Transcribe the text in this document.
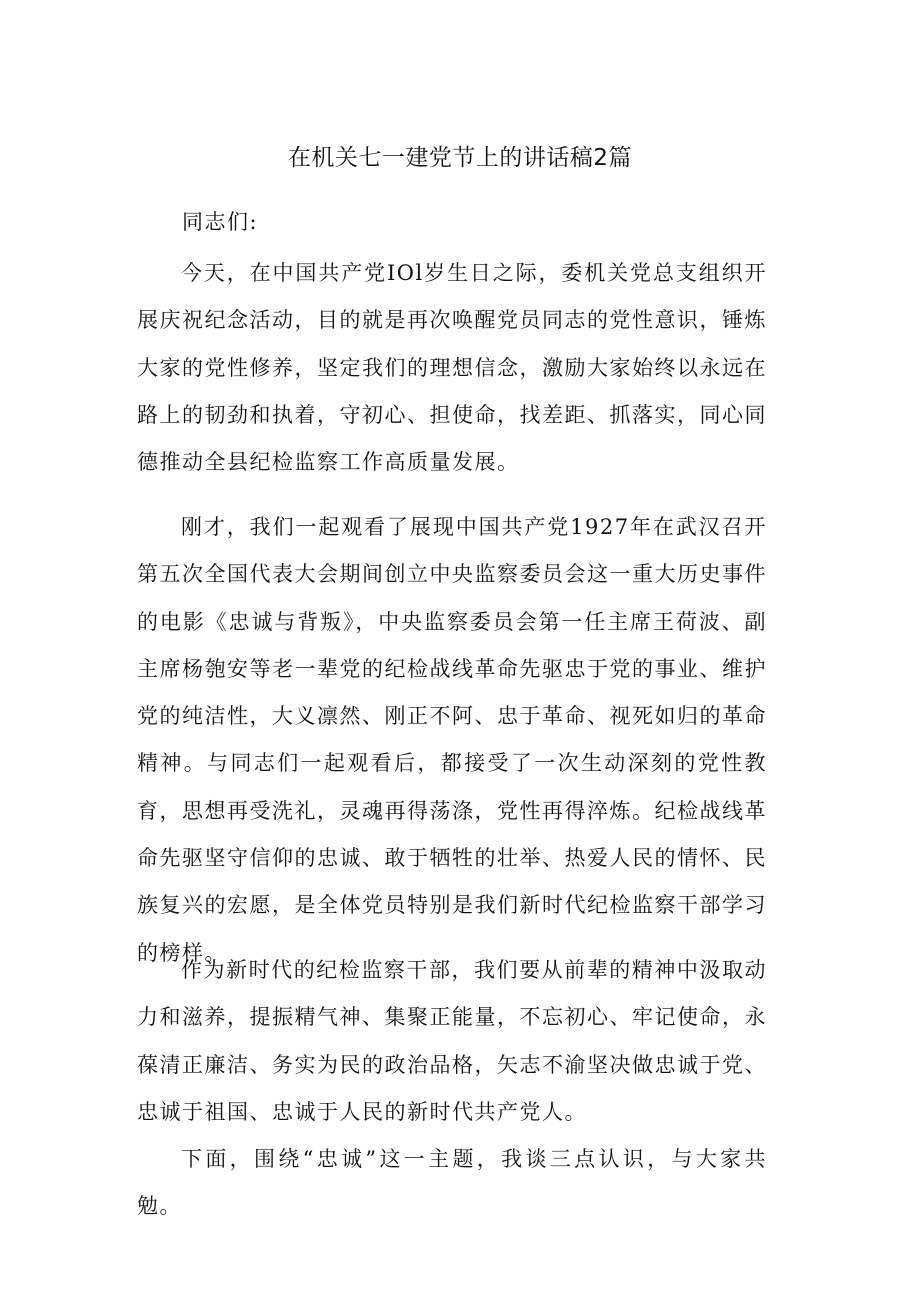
在机关七一建党节上的讲话稿2篇
同志们:

今天，在中国共产党IOl岁生日之际，委机关党总支组织开展庆祝纪念活动，目的就是再次唤醒党员同志的党性意识，锤炼大家的党性修养，坚定我们的理想信念，激励大家始终以永远在路上的韧劲和执着，守初心、担使命，找差距、抓落实，同心同德推动全县纪检监察工作高质量发展。

刚才，我们一起观看了展现中国共产党1927年在武汉召开第五次全国代表大会期间创立中央监察委员会这一重大历史事件的电影《忠诚与背叛》，中央监察委员会第一任主席王荷波、副主席杨匏安等老一辈党的纪检战线革命先驱忠于党的事业、维护党的纯洁性，大义凛然、刚正不阿、忠于革命、视死如归的革命精神。与同志们一起观看后，都接受了一次生动深刻的党性教育，思想再受洗礼，灵魂再得荡涤，党性再得淬炼。纪检战线革命先驱坚守信仰的忠诚、敢于牺牲的壮举、热爱人民的情怀、民族复兴的宏愿，是全体党员特别是我们新时代纪检监察干部学习的榜样。

作为新时代的纪检监察干部，我们要从前辈的精神中汲取动力和滋养，提振精气神、集聚正能量，不忘初心、牢记使命，永葆清正廉洁、务实为民的政治品格，矢志不渝坚决做忠诚于党、忠诚于祖国、忠诚于人民的新时代共产党人。

下面，围绕“忠诚”这一主题，我谈三点认识，与大家共勉。
